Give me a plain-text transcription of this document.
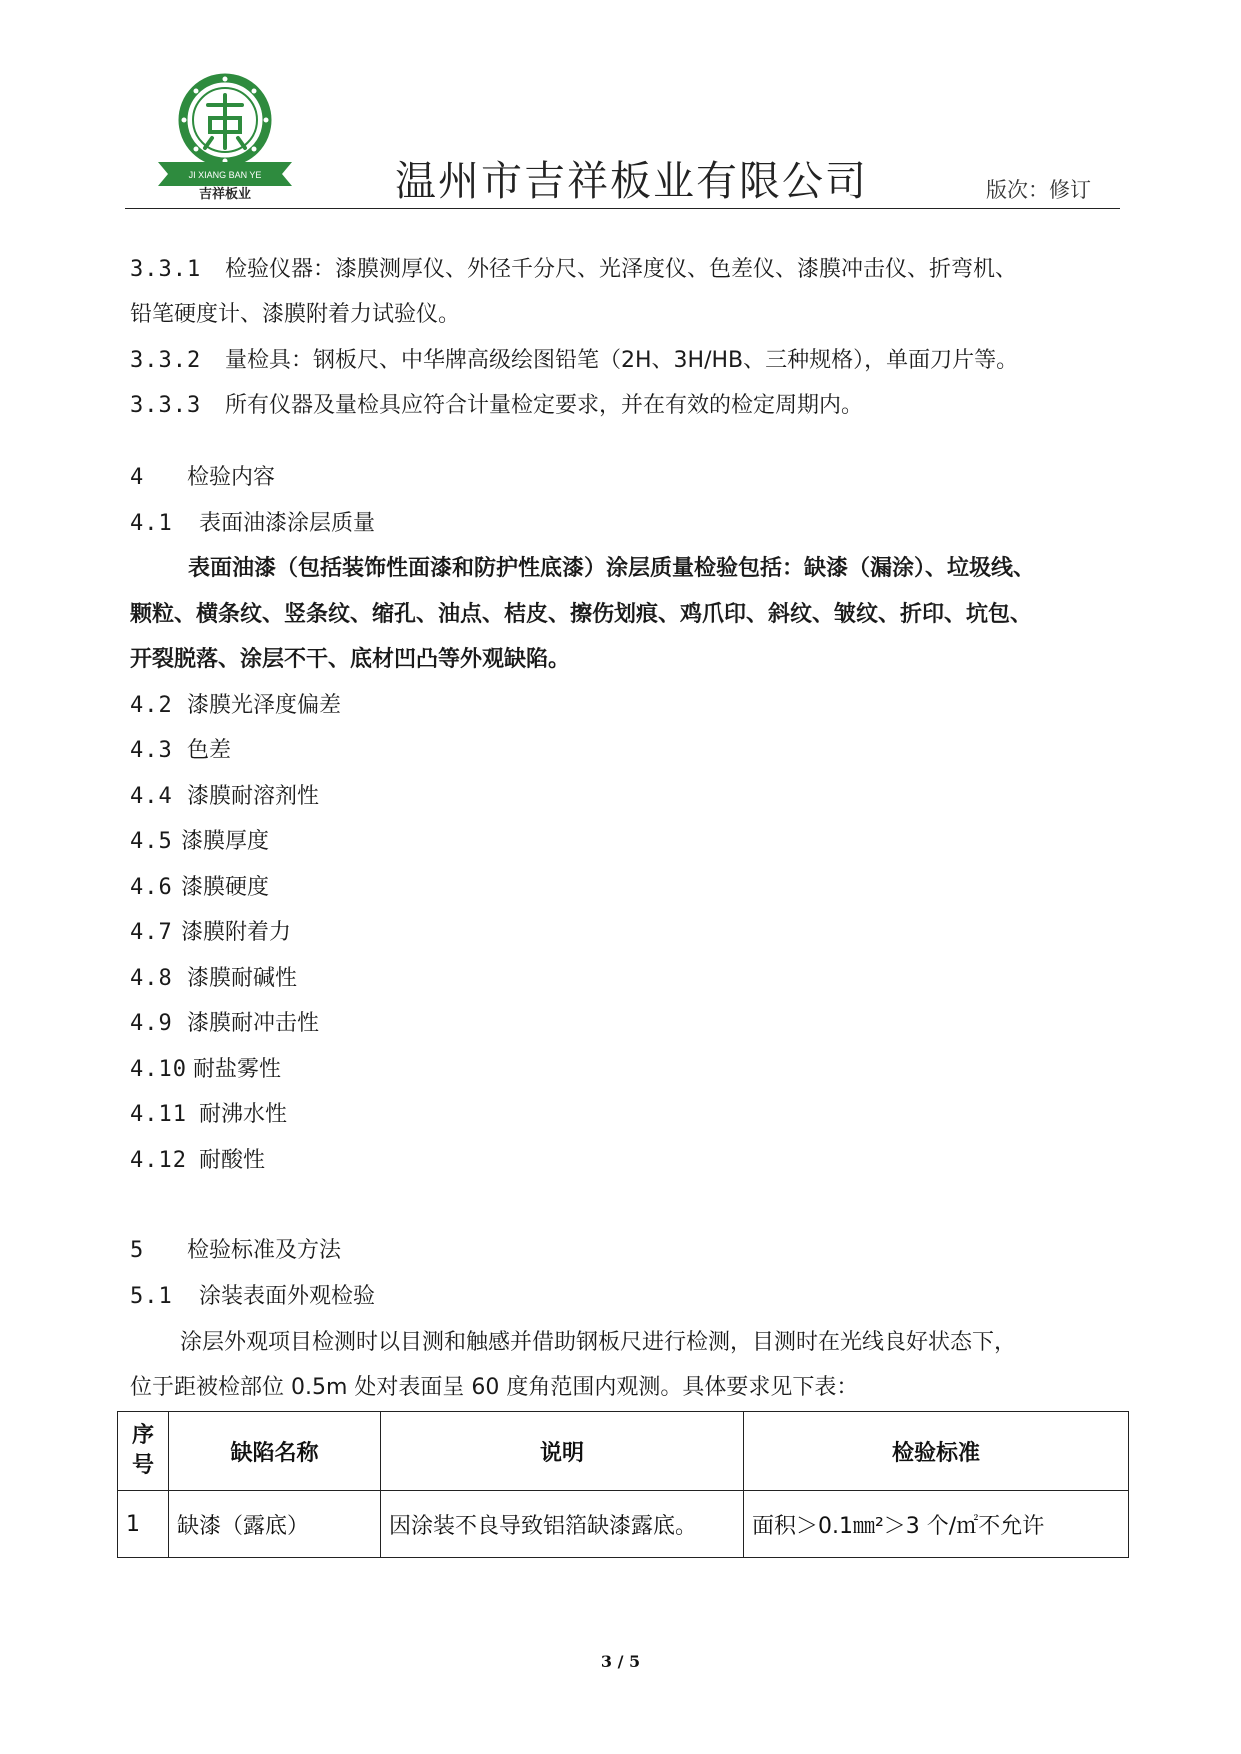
JI XIANG BAN YE
吉祥板业	温州市吉祥板业有限公司	版次：修订
3.3.1 检验仪器：漆膜测厚仪、外径千分尺、光泽度仪、色差仪、漆膜冲击仪、折弯机、
铅笔硬度计、漆膜附着力试验仪。
3.3.2 量检具：钢板尺、中华牌高级绘图铅笔（2H、3H/HB、三种规格），单面刀片等。
3.3.3 所有仪器及量检具应符合计量检定要求，并在有效的检定周期内。
4 检验内容
4.1 表面油漆涂层质量
表面油漆（包括装饰性面漆和防护性底漆）涂层质量检验包括：缺漆（漏涂）、垃圾线、
颗粒、横条纹、竖条纹、缩孔、油点、桔皮、擦伤划痕、鸡爪印、斜纹、皱纹、折印、坑包、
开裂脱落、涂层不干、底材凹凸等外观缺陷。
4.2 漆膜光泽度偏差
4.3 色差
4.4 漆膜耐溶剂性
4.5 漆膜厚度
4.6 漆膜硬度
4.7 漆膜附着力
4.8 漆膜耐碱性
4.9 漆膜耐冲击性
4.10 耐盐雾性
4.11 耐沸水性
4.12 耐酸性
5 检验标准及方法
5.1 涂装表面外观检验
涂层外观项目检测时以目测和触感并借助钢板尺进行检测，目测时在光线良好状态下，
位于距被检部位 0.5m 处对表面呈 60 度角范围内观测。具体要求见下表：
序
号	缺陷名称	说明	检验标准
1	缺漆（露底）	因涂装不良导致铝箔缺漆露底。	面积＞0.1㎜²＞3 个/㎡不允许
3 / 5
